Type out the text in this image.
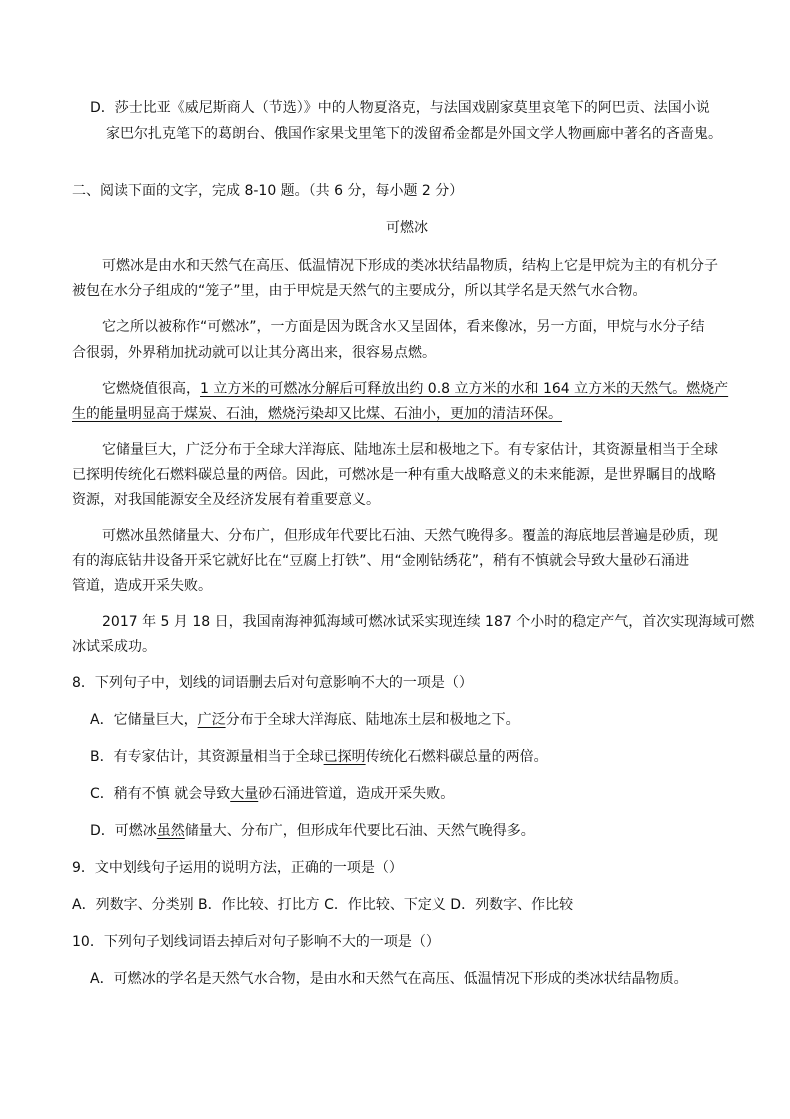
D．莎士比亚《威尼斯商人（节选）》中的人物夏洛克，与法国戏剧家莫里哀笔下的阿巴贡、法国小说
家巴尔扎克笔下的葛朗台、俄国作家果戈里笔下的泼留希金都是外国文学人物画廊中著名的吝啬鬼。
二、阅读下面的文字，完成 8-10 题。（共 6 分，每小题 2 分）
可燃冰
可燃冰是由水和天然气在高压、低温情况下形成的类冰状结晶物质，结构上它是甲烷为主的有机分子
被包在水分子组成的“笼子”里，由于甲烷是天然气的主要成分，所以其学名是天然气水合物。
它之所以被称作“可燃冰”，一方面是因为既含水又呈固体，看来像冰，另一方面，甲烷与水分子结
合很弱，外界稍加扰动就可以让其分离出来，很容易点燃。
它燃烧值很高，1 立方米的可燃冰分解后可释放出约 0.8 立方米的水和 164 立方米的天然气。燃烧产
生的能量明显高于煤炭、石油，燃烧污染却又比煤、石油小，更加的清洁环保。
它储量巨大，广泛分布于全球大洋海底、陆地冻土层和极地之下。有专家估计，其资源量相当于全球
已探明传统化石燃料碳总量的两倍。因此，可燃冰是一种有重大战略意义的未来能源，是世界瞩目的战略
资源，对我国能源安全及经济发展有着重要意义。
可燃冰虽然储量大、分布广，但形成年代要比石油、天然气晚得多。覆盖的海底地层普遍是砂质，现
有的海底钻井设备开采它就好比在“豆腐上打铁”、用“金刚钻绣花”，稍有不慎就会导致大量砂石涌进
管道，造成开采失败。
2017 年 5 月 18 日，我国南海神狐海域可燃冰试采实现连续 187 个小时的稳定产气，首次实现海域可燃
冰试采成功。
8．下列句子中，划线的词语删去后对句意影响不大的一项是（）
A．它储量巨大，广泛分布于全球大洋海底、陆地冻土层和极地之下。
B．有专家估计，其资源量相当于全球已探明传统化石燃料碳总量的两倍。
C．稍有不慎 就会导致大量砂石涌进管道，造成开采失败。
D．可燃冰虽然储量大、分布广，但形成年代要比石油、天然气晚得多。
9．文中划线句子运用的说明方法，正确的一项是（）
A．列数字、分类别 B．作比较、打比方 C．作比较、下定义 D．列数字、作比较
10．下列句子划线词语去掉后对句子影响不大的一项是（）
A．可燃冰的学名是天然气水合物，是由水和天然气在高压、低温情况下形成的类冰状结晶物质。
